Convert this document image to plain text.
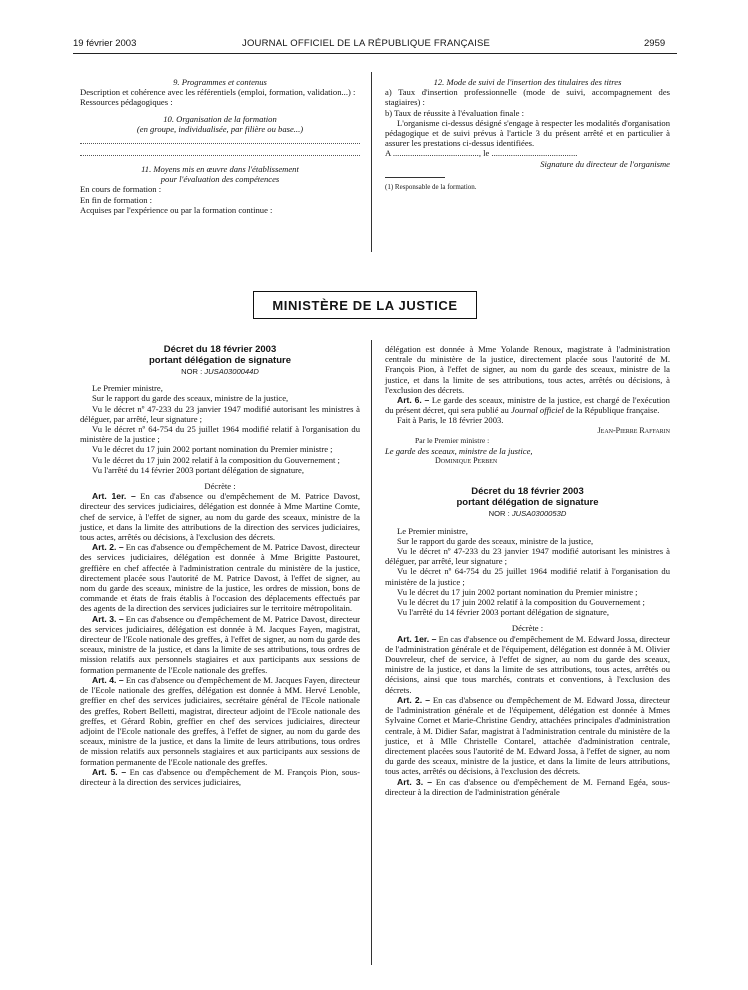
19 février 2003	JOURNAL OFFICIEL DE LA RÉPUBLIQUE FRANÇAISE	2959
9. Programmes et contenus
Description et cohérence avec les référentiels (emploi, formation, validation...) :
Ressources pédagogiques :
10. Organisation de la formation
(en groupe, individualisée, par filière ou base...)
11. Moyens mis en œuvre dans l'établissement
pour l'évaluation des compétences
En cours de formation :
En fin de formation :
Acquises par l'expérience ou par la formation continue :
12. Mode de suivi de l'insertion des titulaires des titres
a) Taux d'insertion professionnelle (mode de suivi, accompagnement des stagiaires) :
b) Taux de réussite à l'évaluation finale :
L'organisme ci-dessus désigné s'engage à respecter les modalités d'organisation pédagogique et de suivi prévus à l'article 3 du présent arrêté et en particulier à assurer les prestations ci-dessus identifiées.
A ........................................, le ........................................
Signature du directeur de l'organisme
(1) Responsable de la formation.
MINISTÈRE DE LA JUSTICE
Décret du 18 février 2003
portant délégation de signature
NOR : JUSA0300044D

Le Premier ministre,

Sur le rapport du garde des sceaux, ministre de la justice,

Vu le décret nº 47-233 du 23 janvier 1947 modifié autorisant les ministres à déléguer, par arrêté, leur signature ;

Vu le décret nº 64-754 du 25 juillet 1964 modifié relatif à l'organisation du ministère de la justice ;

Vu le décret du 17 juin 2002 portant nomination du Premier ministre ;

Vu le décret du 17 juin 2002 relatif à la composition du Gouvernement ;

Vu l'arrêté du 14 février 2003 portant délégation de signature,

Décrète :

Art. 1er. – En cas d'absence ou d'empêchement de M. Patrice Davost, directeur des services judiciaires, délégation est donnée à Mme Martine Comte, chef de service, à l'effet de signer, au nom du garde des sceaux, ministre de la justice, et dans la limite des attributions de la direction des services judiciaires, tous actes, arrêtés ou décisions, à l'exclusion des décrets.

Art. 2. – En cas d'absence ou d'empêchement de M. Patrice Davost, directeur des services judiciaires, délégation est donnée à Mme Brigitte Pastouret, greffière en chef affectée à l'administration centrale du ministère de la justice, directement placée sous l'autorité de M. Patrice Davost, à l'effet de signer, au nom du garde des sceaux, ministre de la justice, les ordres de mission, bons de commande et états de frais établis à l'occasion des déplacements effectués par des agents de la direction des services judiciaires sur le territoire métropolitain.

Art. 3. – En cas d'absence ou d'empêchement de M. Patrice Davost, directeur des services judiciaires, délégation est donnée à M. Jacques Fayen, magistrat, directeur de l'Ecole nationale des greffes, à l'effet de signer, au nom du garde des sceaux, ministre de la justice, et dans la limite de ses attributions, tous ordres de mission relatifs aux personnels stagiaires et aux participants aux sessions de formation permanente de l'Ecole nationale des greffes.

Art. 4. – En cas d'absence ou d'empêchement de M. Jacques Fayen, directeur de l'Ecole nationale des greffes, délégation est donnée à MM. Hervé Lenoble, greffier en chef des services judiciaires, secrétaire général de l'Ecole nationale des greffes, Robert Belletti, magistrat, directeur adjoint de l'Ecole nationale des greffes, et Gérard Robin, greffier en chef des services judiciaires, directeur adjoint de l'Ecole nationale des greffes, à l'effet de signer, au nom du garde des sceaux, ministre de la justice, et dans la limite de leurs attributions, tous ordres de mission relatifs aux personnels stagiaires et aux participants aux sessions de formation permanente de l'Ecole nationale des greffes.

Art. 5. – En cas d'absence ou d'empêchement de M. François Pion, sous-directeur à la direction des services judiciaires,

délégation est donnée à Mme Yolande Renoux, magistrate à l'administration centrale du ministère de la justice, directement placée sous l'autorité de M. François Pion, à l'effet de signer, au nom du garde des sceaux, ministre de la justice, et dans la limite de ses attributions, tous actes, arrêtés ou décisions, à l'exclusion des décrets.

Art. 6. – Le garde des sceaux, ministre de la justice, est chargé de l'exécution du présent décret, qui sera publié au Journal officiel de la République française.

Fait à Paris, le 18 février 2003.

Jean-Pierre Raffarin
Par le Premier ministre :
Le garde des sceaux, ministre de la justice,
Dominique Perben
Décret du 18 février 2003
portant délégation de signature
NOR : JUSA0300053D

Le Premier ministre,

Sur le rapport du garde des sceaux, ministre de la justice,

Vu le décret nº 47-233 du 23 janvier 1947 modifié autorisant les ministres à déléguer, par arrêté, leur signature ;

Vu le décret nº 64-754 du 25 juillet 1964 modifié relatif à l'organisation du ministère de la justice ;

Vu le décret du 17 juin 2002 portant nomination du Premier ministre ;

Vu le décret du 17 juin 2002 relatif à la composition du Gouvernement ;

Vu l'arrêté du 14 février 2003 portant délégation de signature,

Décrète :

Art. 1er. – En cas d'absence ou d'empêchement de M. Edward Jossa, directeur de l'administration générale et de l'équipement, délégation est donnée à M. Olivier Douvreleur, chef de service, à l'effet de signer, au nom du garde des sceaux, ministre de la justice, et dans la limite de ses attributions, tous actes, arrêtés ou décisions, ainsi que tous marchés, contrats et conventions, à l'exclusion des décrets.

Art. 2. – En cas d'absence ou d'empêchement de M. Edward Jossa, directeur de l'administration générale et de l'équipement, délégation est donnée à Mmes Sylvaine Cornet et Marie-Christine Gendry, attachées principales d'administration centrale, à M. Didier Safar, magistrat à l'administration centrale du ministère de la justice, et à Mlle Christelle Contarel, attachée d'administration centrale, directement placées sous l'autorité de M. Edward Jossa, à l'effet de signer, au nom du garde des sceaux, ministre de la justice, et dans la limite de leurs attributions, tous actes, arrêtés ou décisions, à l'exclusion des décrets.

Art. 3. – En cas d'absence ou d'empêchement de M. Fernand Egéa, sous-directeur à la direction de l'administration générale
